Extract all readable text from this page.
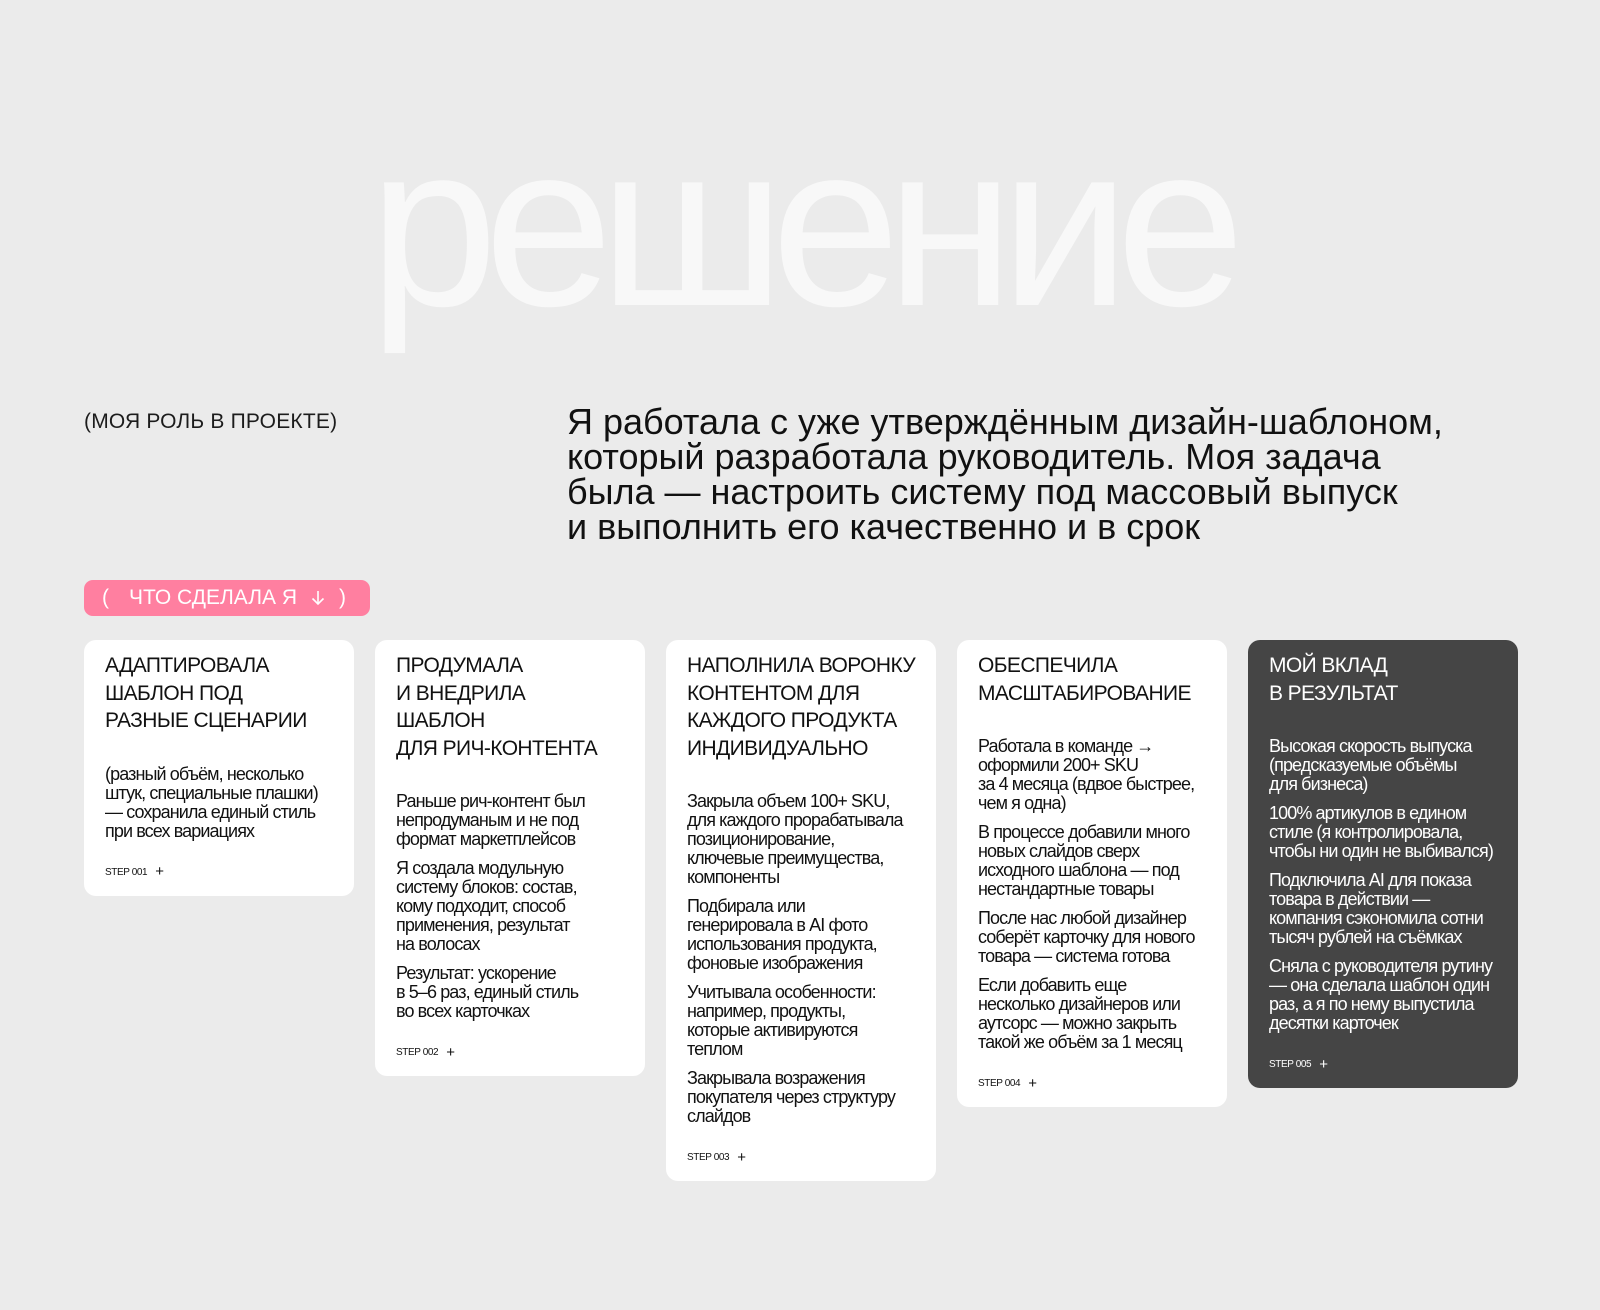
решение
(МОЯ РОЛЬ В ПРОЕКТЕ)	Я работала с уже утверждённым дизайн-шаблоном,
который разработала руководитель. Моя задача
была — настроить систему под массовый выпуск
и выполнить его качественно и в срок
( ЧТО СДЕЛАЛА Я )
АДАПТИРОВАЛА
ШАБЛОН ПОД
РАЗНЫЕ СЦЕНАРИИ

(разный объём, несколько
штук, специальные плашки)
— сохранила единый стиль
при всех вариациях

STEP 001 +
ПРОДУМАЛА
И ВНЕДРИЛА
ШАБЛОН
ДЛЯ РИЧ-КОНТЕНТА

Раньше рич-контент был
непродуманым и не под
формат маркетплейсов

Я создала модульную
систему блоков: состав,
кому подходит, способ
применения, результат
на волосах

Результат: ускорение
в 5–6 раз, единый стиль
во всех карточках

STEP 002 +
НАПОЛНИЛА ВОРОНКУ
КОНТЕНТОМ ДЛЯ
КАЖДОГО ПРОДУКТА
ИНДИВИДУАЛЬНО

Закрыла объем 100+ SKU,
для каждого прорабатывала
позиционирование,
ключевые преимущества,
компоненты

Подбирала или
генерировала в AI фото
использования продукта,
фоновые изображения

Учитывала особенности:
например, продукты,
которые активируются
теплом

Закрывала возражения
покупателя через структуру
слайдов

STEP 003 +
ОБЕСПЕЧИЛА
МАСШТАБИРОВАНИЕ

Работала в команде →
оформили 200+ SKU
за 4 месяца (вдвое быстрее,
чем я одна)

В процессе добавили много
новых слайдов сверх
исходного шаблона — под
нестандартные товары

После нас любой дизайнер
соберёт карточку для нового
товара — система готова

Если добавить еще
несколько дизайнеров или
аутсорс — можно закрыть
такой же объём за 1 месяц

STEP 004 +
МОЙ ВКЛАД
В РЕЗУЛЬТАТ

Высокая скорость выпуска
(предсказуемые объёмы
для бизнеса)

100% артикулов в едином
стиле (я контролировала,
чтобы ни один не выбивался)

Подключила AI для показа
товара в действии —
компания сэкономила сотни
тысяч рублей на съёмках

Сняла с руководителя рутину
— она сделала шаблон один
раз, а я по нему выпустила
десятки карточек

STEP 005 +
